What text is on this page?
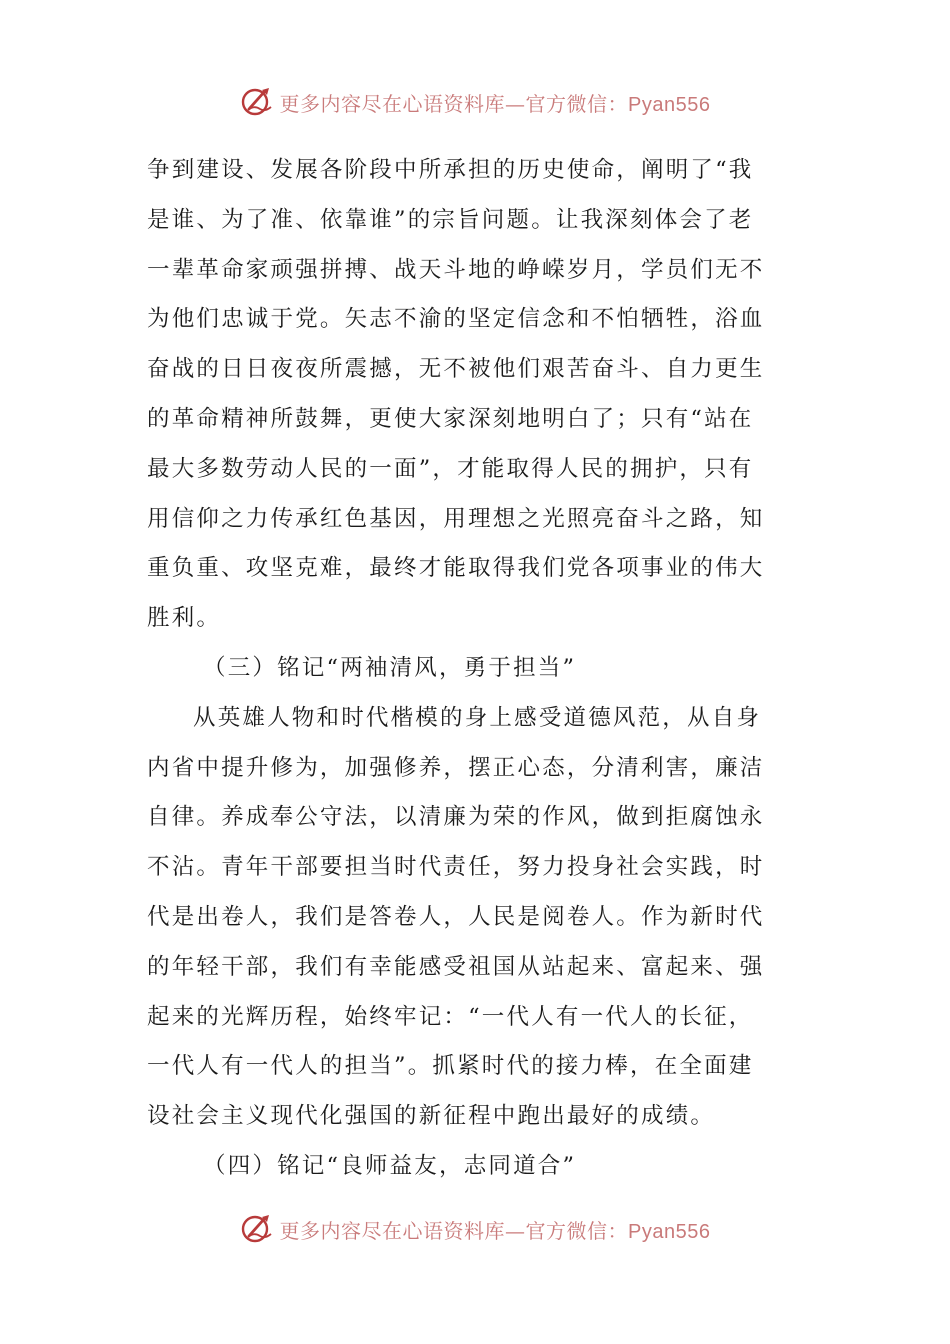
更多内容尽在心语资料库—官方微信：Pyan556
争到建设、发展各阶段中所承担的历史使命，阐明了“我
是谁、为了准、依靠谁”的宗旨问题。让我深刻体会了老
一辈革命家顽强拼搏、战天斗地的峥嵘岁月，学员们无不
为他们忠诚于党。矢志不渝的坚定信念和不怕牺牲，浴血
奋战的日日夜夜所震撼，无不被他们艰苦奋斗、自力更生
的革命精神所鼓舞，更使大家深刻地明白了；只有“站在
最大多数劳动人民的一面”，才能取得人民的拥护，只有
用信仰之力传承红色基因，用理想之光照亮奋斗之路，知
重负重、攻坚克难，最终才能取得我们党各项事业的伟大
胜利。
（三）铭记“两袖清风，勇于担当”
从英雄人物和时代楷模的身上感受道德风范，从自身
内省中提升修为，加强修养，摆正心态，分清利害，廉洁
自律。养成奉公守法，以清廉为荣的作风，做到拒腐蚀永
不沾。青年干部要担当时代责任，努力投身社会实践，时
代是出卷人，我们是答卷人，人民是阅卷人。作为新时代
的年轻干部，我们有幸能感受祖国从站起来、富起来、强
起来的光辉历程，始终牢记：“一代人有一代人的长征，
一代人有一代人的担当”。抓紧时代的接力棒，在全面建
设社会主义现代化强国的新征程中跑出最好的成绩。
（四）铭记“良师益友，志同道合”
更多内容尽在心语资料库—官方微信：Pyan556
